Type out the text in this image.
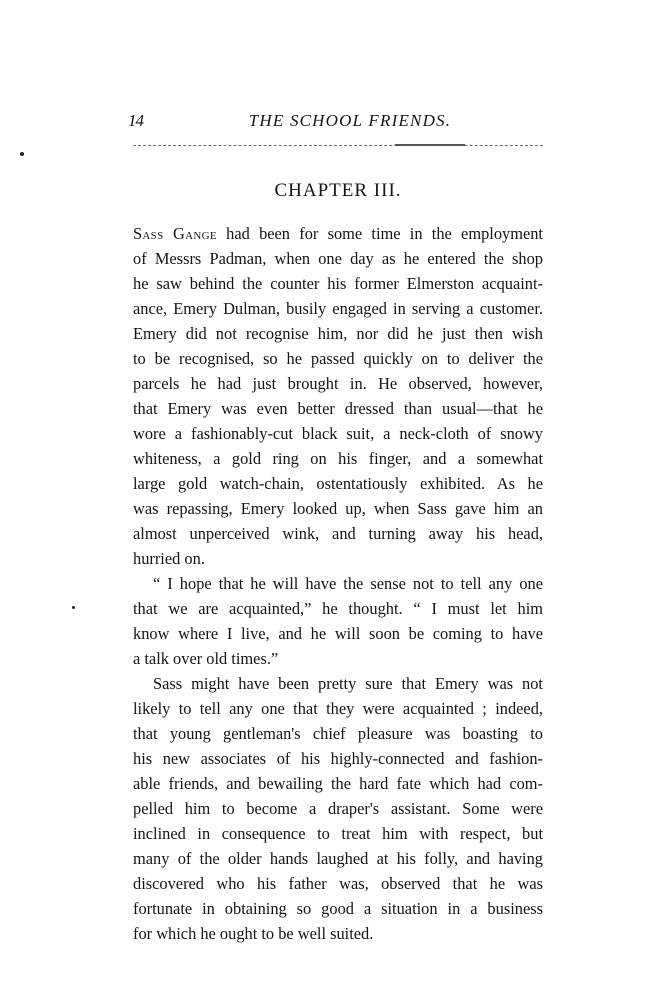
14	THE SCHOOL FRIENDS.
CHAPTER III.
Sass Gange had been for some time in the employment
of Messrs Padman, when one day as he entered the shop
he saw behind the counter his former Elmerston acquaint-
ance, Emery Dulman, busily engaged in serving a customer.
Emery did not recognise him, nor did he just then wish
to be recognised, so he passed quickly on to deliver the
parcels he had just brought in. He observed, however,
that Emery was even better dressed than usual—that he
wore a fashionably-cut black suit, a neck-cloth of snowy
whiteness, a gold ring on his finger, and a somewhat
large gold watch-chain, ostentatiously exhibited. As he
was repassing, Emery looked up, when Sass gave him an
almost unperceived wink, and turning away his head,
hurried on.
“ I hope that he will have the sense not to tell any one
that we are acquainted,” he thought. “ I must let him
know where I live, and he will soon be coming to have
a talk over old times.”
Sass might have been pretty sure that Emery was not
likely to tell any one that they were acquainted ; indeed,
that young gentleman's chief pleasure was boasting to
his new associates of his highly-connected and fashion-
able friends, and bewailing the hard fate which had com-
pelled him to become a draper's assistant. Some were
inclined in consequence to treat him with respect, but
many of the older hands laughed at his folly, and having
discovered who his father was, observed that he was
fortunate in obtaining so good a situation in a business
for which he ought to be well suited.
